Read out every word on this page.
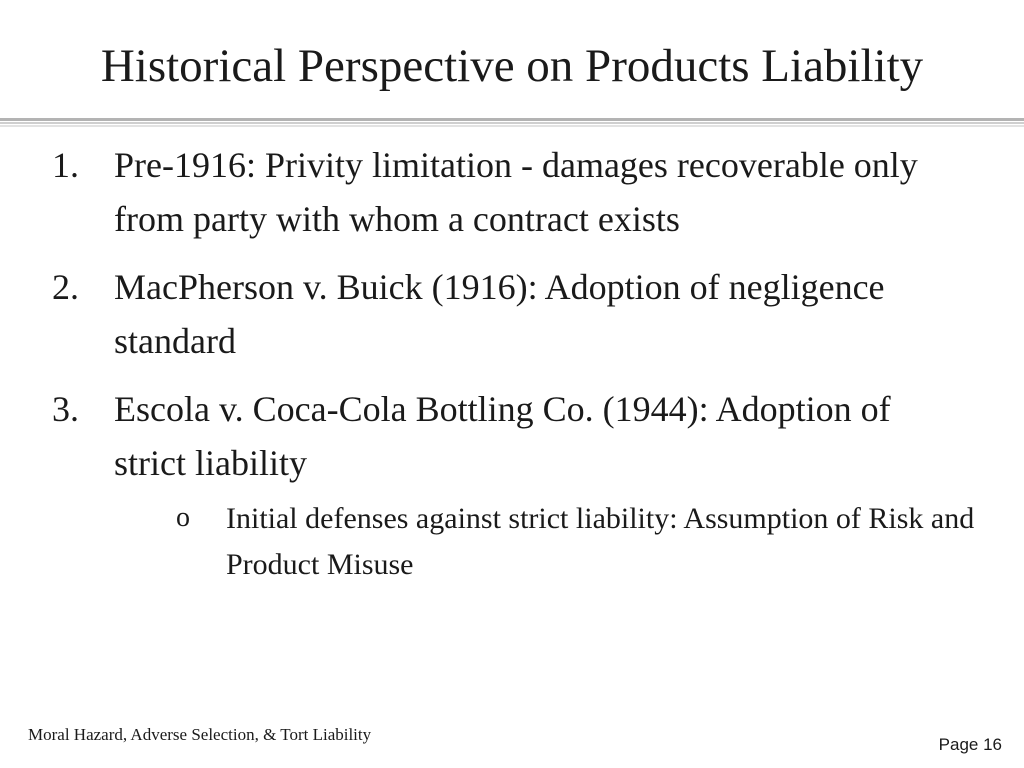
Historical Perspective on Products Liability
1. Pre-1916: Privity limitation - damages recoverable only from party with whom a contract exists
2. MacPherson v. Buick (1916): Adoption of negligence standard
3. Escola v. Coca-Cola Bottling Co. (1944): Adoption of strict liability
o Initial defenses against strict liability: Assumption of Risk and Product Misuse
Moral Hazard, Adverse Selection, & Tort Liability
Page 16
